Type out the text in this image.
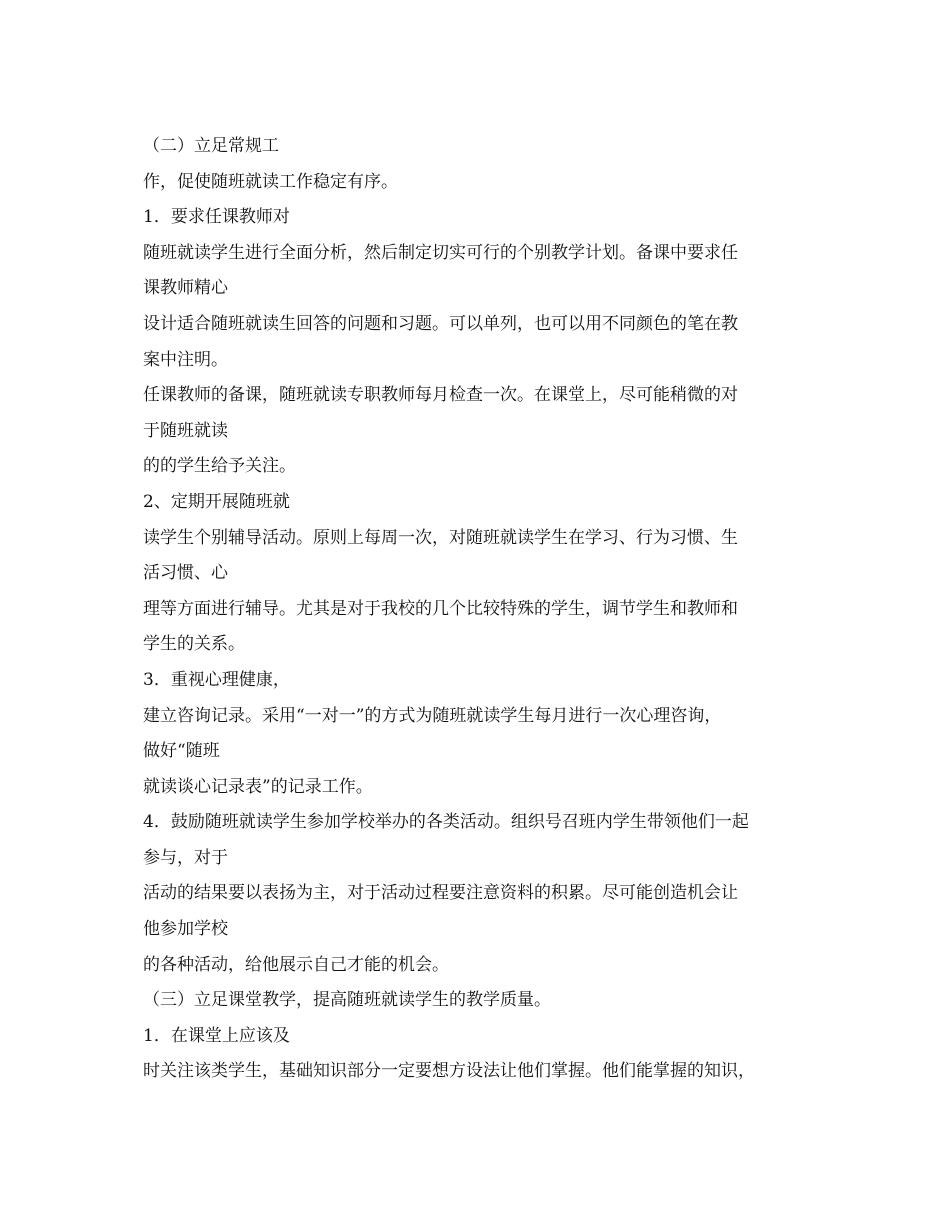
（二）立足常规工
作，促使随班就读工作稳定有序。
1．要求任课教师对
随班就读学生进行全面分析，然后制定切实可行的个别教学计划。备课中要求任
课教师精心
设计适合随班就读生回答的问题和习题。可以单列，也可以用不同颜色的笔在教
案中注明。
任课教师的备课，随班就读专职教师每月检查一次。在课堂上，尽可能稍微的对
于随班就读
的的学生给予关注。
2、定期开展随班就
读学生个别辅导活动。原则上每周一次，对随班就读学生在学习、行为习惯、生
活习惯、心
理等方面进行辅导。尤其是对于我校的几个比较特殊的学生，调节学生和教师和
学生的关系。
3．重视心理健康，
建立咨询记录。采用“一对一”的方式为随班就读学生每月进行一次心理咨询，
做好“随班
就读谈心记录表”的记录工作。
4．鼓励随班就读学生参加学校举办的各类活动。组织号召班内学生带领他们一起
参与，对于
活动的结果要以表扬为主，对于活动过程要注意资料的积累。尽可能创造机会让
他参加学校
的各种活动，给他展示自己才能的机会。
（三）立足课堂教学，提高随班就读学生的教学质量。
1．在课堂上应该及
时关注该类学生，基础知识部分一定要想方设法让他们掌握。他们能掌握的知识，
